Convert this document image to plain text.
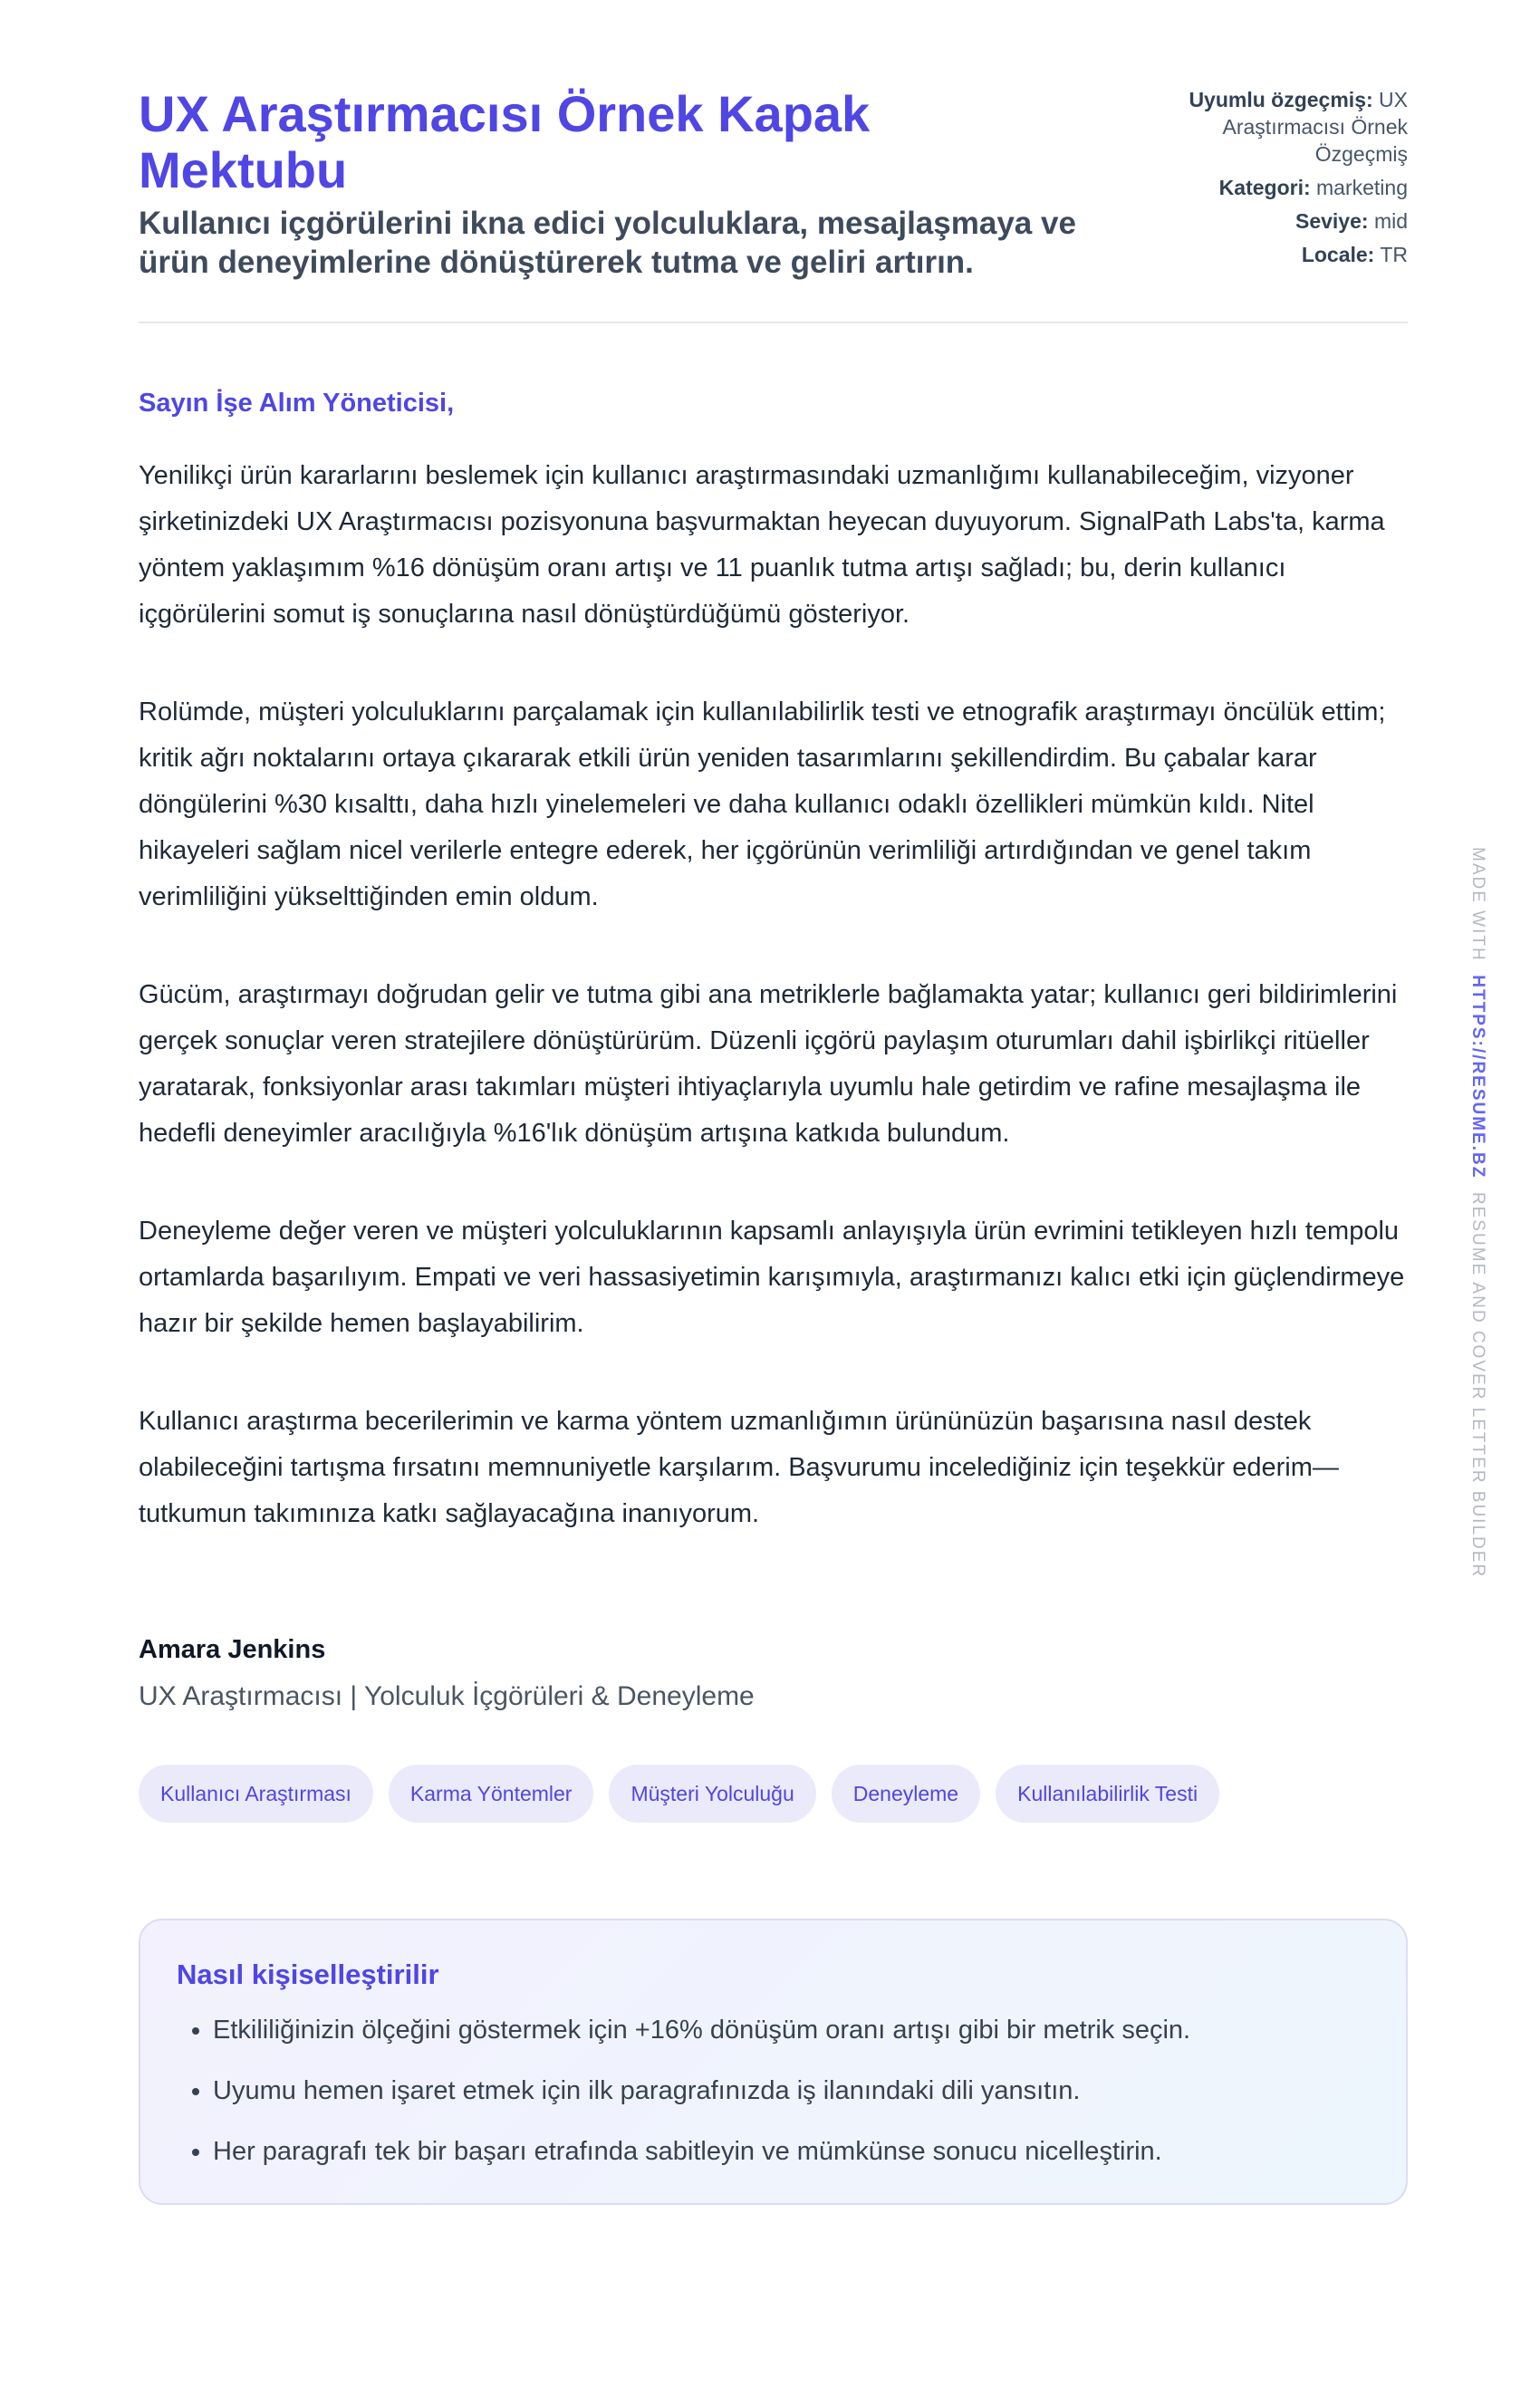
UX Araştırmacısı Örnek Kapak Mektubu
Kullanıcı içgörülerini ikna edici yolculuklara, mesajlaşmaya ve ürün deneyimlerine dönüştürerek tutma ve geliri artırın.
Uyumlu özgeçmiş: UX Araştırmacısı Örnek Özgeçmiş
Kategori: marketing
Seviye: mid
Locale: TR
Sayın İşe Alım Yöneticisi,

Yenilikçi ürün kararlarını beslemek için kullanıcı araştırmasındaki uzmanlığımı kullanabileceğim, vizyoner şirketinizdeki UX Araştırmacısı pozisyonuna başvurmaktan heyecan duyuyorum. SignalPath Labs'ta, karma yöntem yaklaşımım %16 dönüşüm oranı artışı ve 11 puanlık tutma artışı sağladı; bu, derin kullanıcı içgörülerini somut iş sonuçlarına nasıl dönüştürdüğümü gösteriyor.

Rolümde, müşteri yolculuklarını parçalamak için kullanılabilirlik testi ve etnografik araştırmayı öncülük ettim; kritik ağrı noktalarını ortaya çıkararak etkili ürün yeniden tasarımlarını şekillendirdim. Bu çabalar karar döngülerini %30 kısalttı, daha hızlı yinelemeleri ve daha kullanıcı odaklı özellikleri mümkün kıldı. Nitel hikayeleri sağlam nicel verilerle entegre ederek, her içgörünün verimliliği artırdığından ve genel takım verimliliğini yükselttiğinden emin oldum.

Gücüm, araştırmayı doğrudan gelir ve tutma gibi ana metriklerle bağlamakta yatar; kullanıcı geri bildirimlerini gerçek sonuçlar veren stratejilere dönüştürürüm. Düzenli içgörü paylaşım oturumları dahil işbirlikçi ritüeller yaratarak, fonksiyonlar arası takımları müşteri ihtiyaçlarıyla uyumlu hale getirdim ve rafine mesajlaşma ile hedefli deneyimler aracılığıyla %16'lık dönüşüm artışına katkıda bulundum.

Deneyleme değer veren ve müşteri yolculuklarının kapsamlı anlayışıyla ürün evrimini tetikleyen hızlı tempolu ortamlarda başarılıyım. Empati ve veri hassasiyetimin karışımıyla, araştırmanızı kalıcı etki için güçlendirmeye hazır bir şekilde hemen başlayabilirim.

Kullanıcı araştırma becerilerimin ve karma yöntem uzmanlığımın ürününüzün başarısına nasıl destek olabileceğini tartışma fırsatını memnuniyetle karşılarım. Başvurumu incelediğiniz için teşekkür ederim—tutkumun takımınıza katkı sağlayacağına inanıyorum.

Amara Jenkins
UX Araştırmacısı | Yolculuk İçgörüleri & Deneyleme
Kullanıcı Araştırması	Karma Yöntemler	Müşteri Yolculuğu	Deneyleme	Kullanılabilirlik Testi
Nasıl kişiselleştirilir
• Etkililiğinizin ölçeğini göstermek için +16% dönüşüm oranı artışı gibi bir metrik seçin.
• Uyumu hemen işaret etmek için ilk paragrafınızda iş ilanındaki dili yansıtın.
• Her paragrafı tek bir başarı etrafında sabitleyin ve mümkünse sonucu nicelleştirin.
MADE WITH  HTTPS://RESUME.BZ  RESUME AND COVER LETTER BUILDER
